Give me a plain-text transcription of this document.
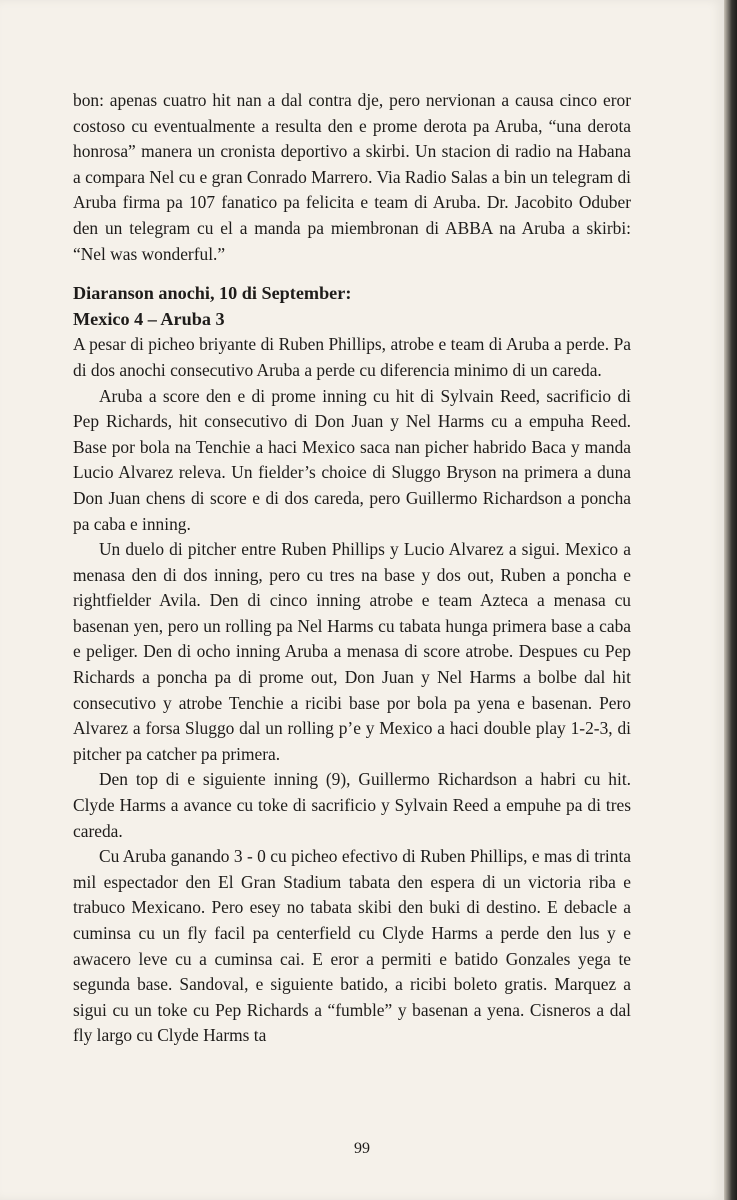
bon: apenas cuatro hit nan a dal contra dje, pero nervionan a causa cinco eror costoso cu eventualmente a resulta den e prome derota pa Aruba, “una derota honrosa” manera un cronista deportivo a skirbi. Un stacion di radio na Habana a compara Nel cu e gran Conrado Marrero. Via Radio Salas a bin un telegram di Aruba firma pa 107 fanatico pa felicita e team di Aruba. Dr. Jacobito Oduber den un telegram cu el a manda pa miembronan di ABBA na Aruba a skirbi: “Nel was wonderful.”

Diaranson anochi, 10 di September:
Mexico 4 – Aruba 3

A pesar di picheo briyante di Ruben Phillips, atrobe e team di Aruba a perde. Pa di dos anochi consecutivo Aruba a perde cu diferencia minimo di un careda.

Aruba a score den e di prome inning cu hit di Sylvain Reed, sacrificio di Pep Richards, hit consecutivo di Don Juan y Nel Harms cu a empuha Reed. Base por bola na Tenchie a haci Mexico saca nan picher habrido Baca y manda Lucio Alvarez releva. Un fielder’s choice di Sluggo Bryson na primera a duna Don Juan chens di score e di dos careda, pero Guillermo Richardson a poncha pa caba e inning.

Un duelo di pitcher entre Ruben Phillips y Lucio Alvarez a sigui. Mexico a menasa den di dos inning, pero cu tres na base y dos out, Ruben a poncha e rightfielder Avila. Den di cinco inning atrobe e team Azteca a menasa cu basenan yen, pero un rolling pa Nel Harms cu tabata hunga primera base a caba e peliger. Den di ocho inning Aruba a menasa di score atrobe. Despues cu Pep Richards a poncha pa di prome out, Don Juan y Nel Harms a bolbe dal hit consecutivo y atrobe Tenchie a ricibi base por bola pa yena e basenan. Pero Alvarez a forsa Sluggo dal un rolling p’e y Mexico a haci double play 1-2-3, di pitcher pa catcher pa primera.

Den top di e siguiente inning (9), Guillermo Richardson a habri cu hit. Clyde Harms a avance cu toke di sacrificio y Sylvain Reed a empuhe pa di tres careda.

Cu Aruba ganando 3 - 0 cu picheo efectivo di Ruben Phillips, e mas di trinta mil espectador den El Gran Stadium tabata den espera di un victoria riba e trabuco Mexicano. Pero esey no tabata skibi den buki di destino. E debacle a cuminsa cu un fly facil pa centerfield cu Clyde Harms a perde den lus y e awacero leve cu a cuminsa cai. E eror a permiti e batido Gonzales yega te segunda base. Sandoval, e siguiente batido, a ricibi boleto gratis. Marquez a sigui cu un toke cu Pep Richards a “fumble” y basenan a yena. Cisneros a dal fly largo cu Clyde Harms ta

99
